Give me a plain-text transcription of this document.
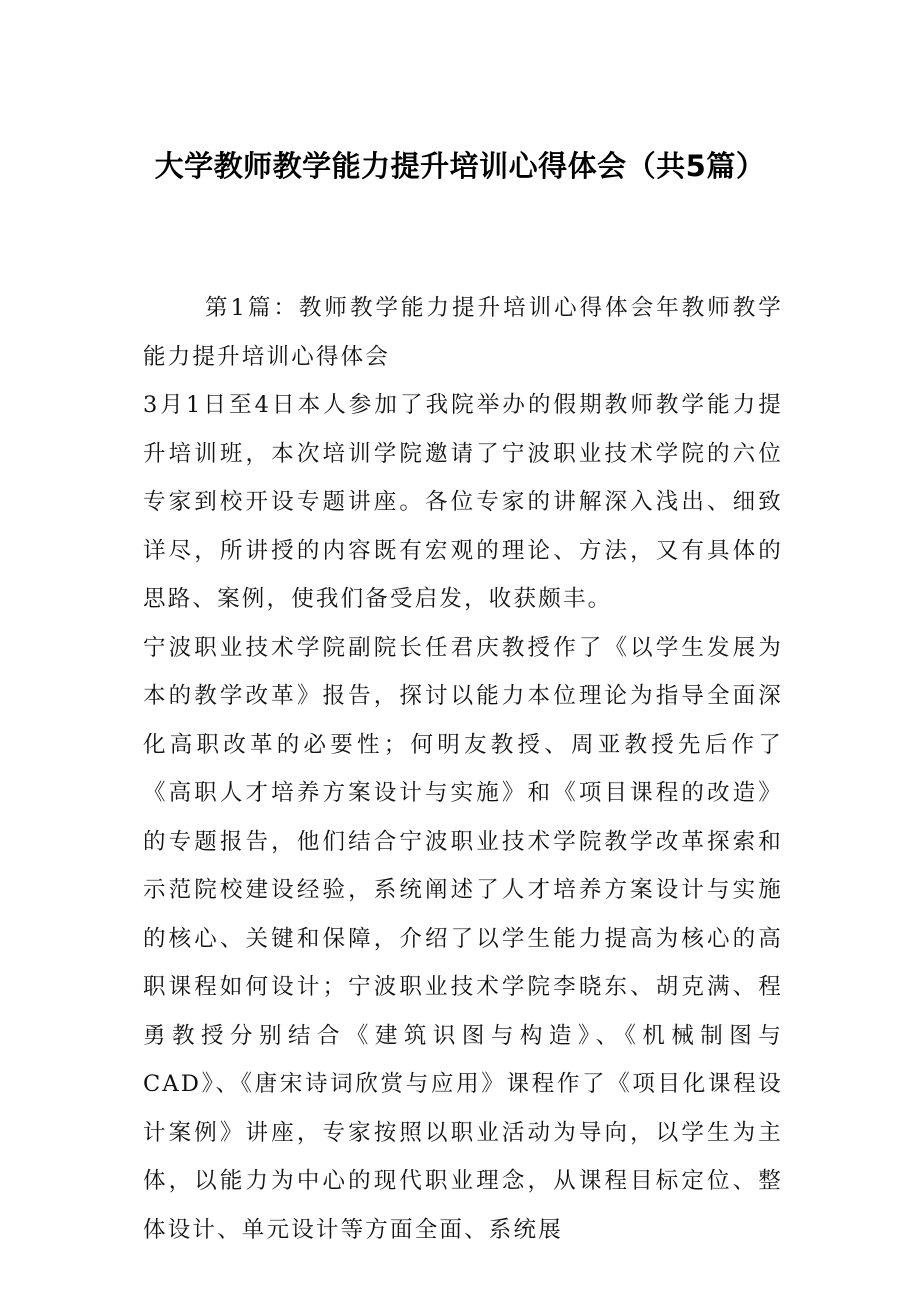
大学教师教学能力提升培训心得体会（共5篇）

第1篇：教师教学能力提升培训心得体会年教师教学能力提升培训心得体会

3月1日至4日本人参加了我院举办的假期教师教学能力提升培训班，本次培训学院邀请了宁波职业技术学院的六位专家到校开设专题讲座。各位专家的讲解深入浅出、细致详尽，所讲授的内容既有宏观的理论、方法，又有具体的思路、案例，使我们备受启发，收获颇丰。

宁波职业技术学院副院长任君庆教授作了《以学生发展为本的教学改革》报告，探讨以能力本位理论为指导全面深化高职改革的必要性；何明友教授、周亚教授先后作了《高职人才培养方案设计与实施》和《项目课程的改造》的专题报告，他们结合宁波职业技术学院教学改革探索和示范院校建设经验，系统阐述了人才培养方案设计与实施的核心、关键和保障，介绍了以学生能力提高为核心的高职课程如何设计；宁波职业技术学院李晓东、胡克满、程勇教授分别结合《建筑识图与构造》、《机械制图与CAD》、《唐宋诗词欣赏与应用》课程作了《项目化课程设计案例》讲座，专家按照以职业活动为导向，以学生为主体，以能力为中心的现代职业理念，从课程目标定位、整体设计、单元设计等方面全面、系统展
